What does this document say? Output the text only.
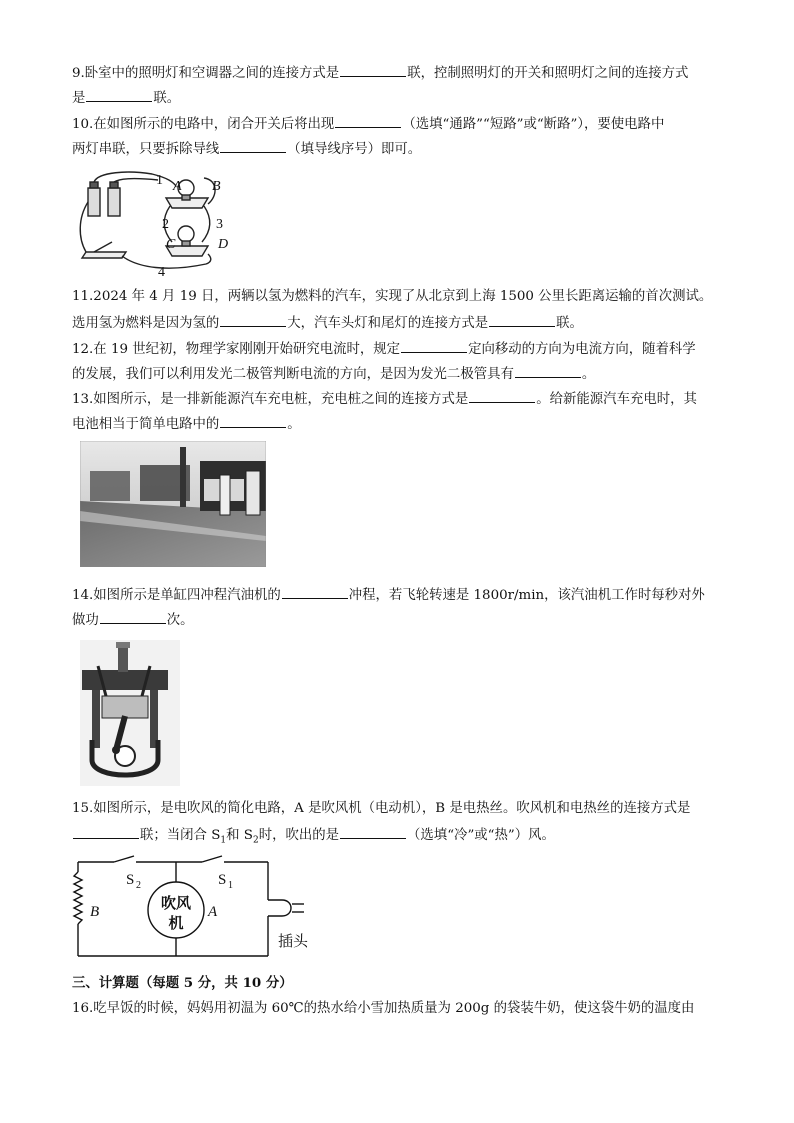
9.卧室中的照明灯和空调器之间的连接方式是	联，控制照明灯的开关和照明灯之间的连接方式
是	联。
10.在如图所示的电路中，闭合开关后将出现	（选填“通路”“短路”或“断路”），要使电路中
两灯串联，只要拆除导线	（填导线序号）即可。
1 A B
2	3
C	D
4
11.2024 年 4 月 19 日，两辆以氢为燃料的汽车，实现了从北京到上海 1500 公里长距离运输的首次测试。
选用氢为燃料是因为氢的	大，汽车头灯和尾灯的连接方式是	联。
12.在 19 世纪初，物理学家刚刚开始研究电流时，规定	定向移动的方向为电流方向，随着科学
的发展，我们可以利用发光二极管判断电流的方向，是因为发光二极管具有	。
13.如图所示，是一排新能源汽车充电桩，充电桩之间的连接方式是	。给新能源汽车充电时，其
电池相当于简单电路中的	。
14.如图所示是单缸四冲程汽油机的	冲程，若飞轮转速是 1800r/min，该汽油机工作时每秒对外
做功	次。
15.如图所示，是电吹风的简化电路，A 是吹风机（电动机），B 是电热丝。吹风机和电热丝的连接方式是
联；当闭合 $S_1$和 $S_2$时，吹出的是	（选填“冷”或“热”）风。
S 2	S 1
B	A
吹风
机
插头
三、计算题（每题 5 分，共 10 分）
16.吃早饭的时候，妈妈用初温为 60℃的热水给小雪加热质量为 200g 的袋装牛奶，使这袋牛奶的温度由
